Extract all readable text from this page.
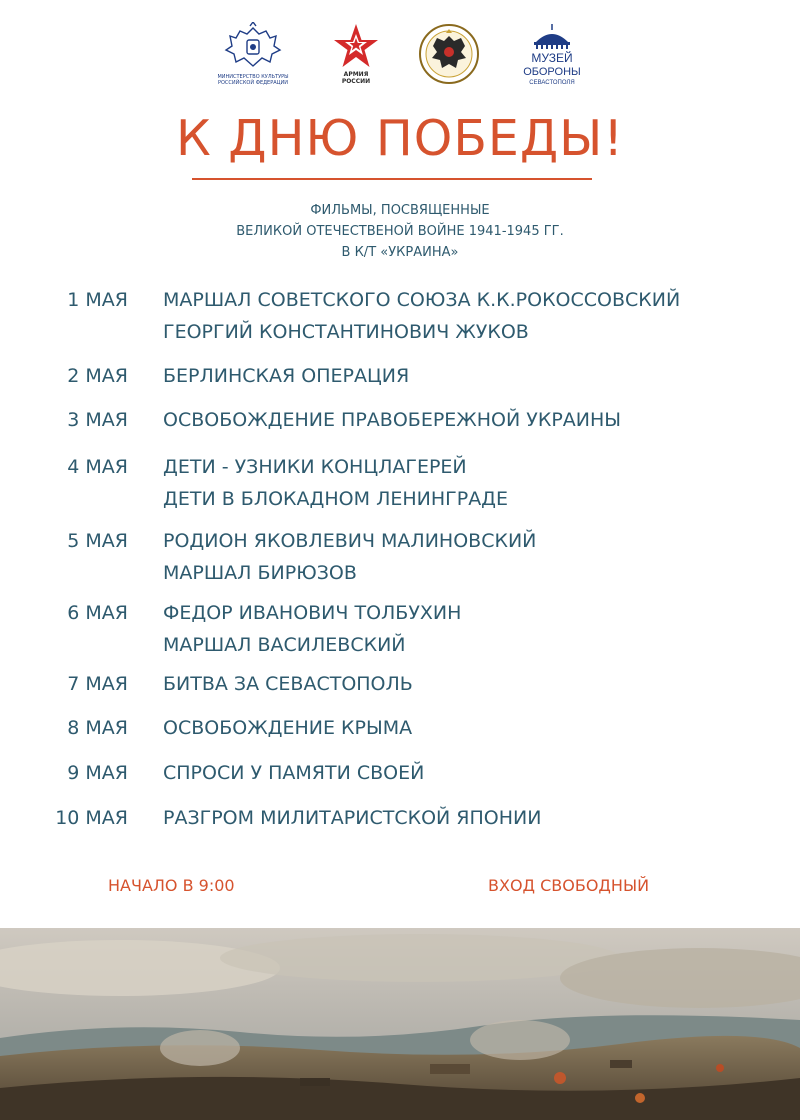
МИНИСТЕРСТВО КУЛЬТУРЫ
РОССИЙСКОЙ ФЕДЕРАЦИИ
АРМИЯ
РОССИИ
МУЗЕЙ
ОБОРОНЫ
СЕВАСТОПОЛЯ
К ДНЮ ПОБЕДЫ!
ФИЛЬМЫ, ПОСВЯЩЕННЫЕ
ВЕЛИКОЙ ОТЕЧЕСТВЕНОЙ ВОЙНЕ 1941-1945 ГГ.
В К/Т «УКРАИНА»
1 МАЯ МАРШАЛ СОВЕТСКОГО СОЮЗА К.К.РОКОССОВСКИЙ
ГЕОРГИЙ КОНСТАНТИНОВИЧ ЖУКОВ
2 МАЯ БЕРЛИНСКАЯ ОПЕРАЦИЯ
3 МАЯ ОСВОБОЖДЕНИЕ ПРАВОБЕРЕЖНОЙ УКРАИНЫ
4 МАЯ ДЕТИ - УЗНИКИ КОНЦЛАГЕРЕЙ
ДЕТИ В БЛОКАДНОМ ЛЕНИНГРАДЕ
5 МАЯ РОДИОН ЯКОВЛЕВИЧ МАЛИНОВСКИЙ
МАРШАЛ БИРЮЗОВ
6 МАЯ ФЕДОР ИВАНОВИЧ ТОЛБУХИН
МАРШАЛ ВАСИЛЕВСКИЙ
7 МАЯ БИТВА ЗА СЕВАСТОПОЛЬ
8 МАЯ ОСВОБОЖДЕНИЕ КРЫМА
9 МАЯ СПРОСИ У ПАМЯТИ СВОЕЙ
10 МАЯ РАЗГРОМ МИЛИТАРИСТСКОЙ ЯПОНИИ
НАЧАЛО В 9:00	ВХОД СВОБОДНЫЙ
